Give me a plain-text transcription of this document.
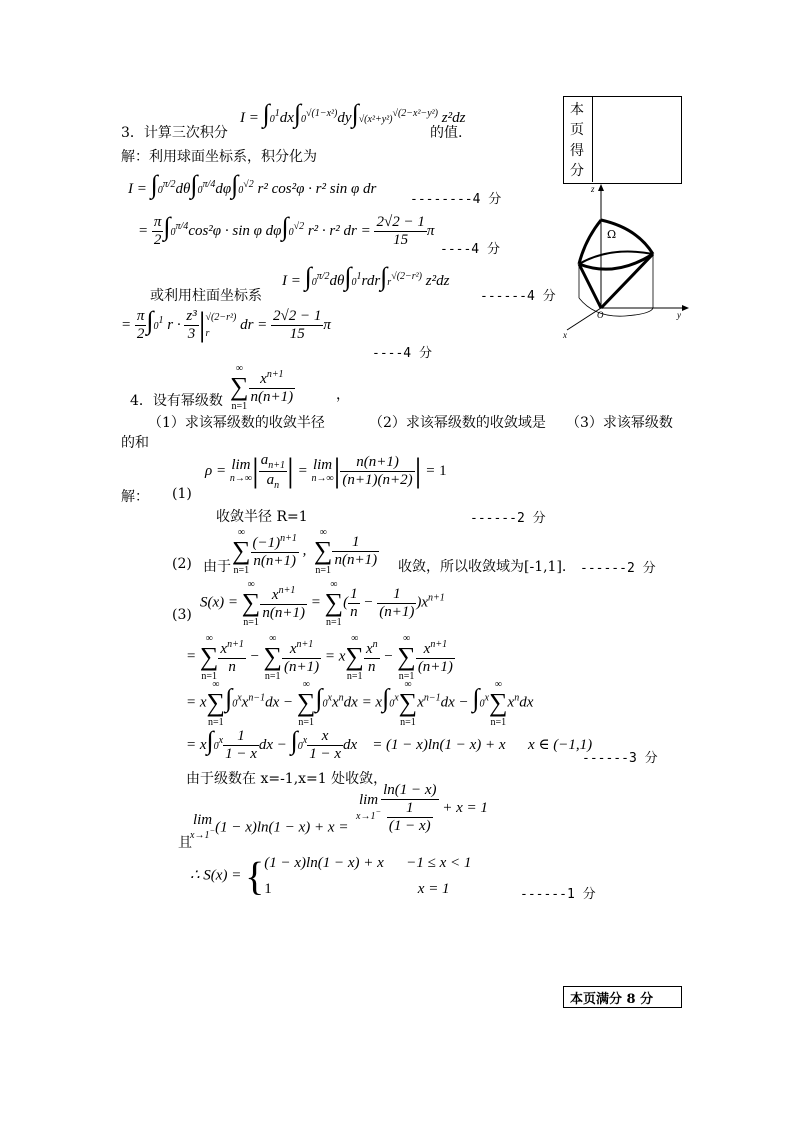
本
页
得
分
3．计算三次积分
$I = \int 0^1dx\int 0^{√(1-x^2)}dy\int√(x^2+y^2)^{√(2-x^2-y^2)}$ z²dz
的值.
解：利用球面坐标系，积分化为
$I = \int 0^{\pi/2}d\theta\int 0^{\pi/4}d\varphi\int 0^{√2}$ r² cos²φ · r² sin φ dr
--------4 分
= $\frac{\pi}{2} \int 0^{\pi/4}\cos^2\varphi \cdot \sin \varphi$ $d\varphi\int 0^{√2}$ r² · r² dr = $\frac{2√2 - 1}{15}$ π
----4 分
或利用柱面坐标系
$I = \int 0^{\pi/2}d\theta\int 0^1rdr\int r^{√(2-r^2)}$ z²dz
------4 分
= $\frac{\pi}{2} \int 0^1$ $r \cdot \frac{\text{z³}}{3} |√(2-r^2)$
r dr = $\frac{2√2 - 1}{15}$ π
----4 分
z
Ω
O
x
y
∞
∑
n=1
$\frac{x^{n+1}}{n(n+1)}$
4．设有幂级数	，
（1）求该幂级数的收敛半径	（2）求该幂级数的收敛域是 （3）求该幂级数
的和
解： (1)
ρ = lim
$n\to\infty| \frac{a_{n+1}}{a_n}$ | = lim
$n\to\infty| \frac{n(n+1)}{(n+1)(n+2)}$ | = 1
收敛半径 R=1	------2 分
(2) 由于
∞
∑
n=1
$\frac{(-1)^{n+1}}{n(n+1)}$ ,  ∞
∑
n=1
$\frac{1}{n(n+1)}$ 收敛，所以收敛域为[-1,1]. ------2 分
(3)
S(x) = ∞
∑
n=1
$\frac{x^{n+1}}{n(n+1)}$ = ∞
∑
$n=1( \frac{1}{n} - \frac{1}{(n+1)} )x^{n+1}$
= ∞
∑
n=1
$\frac{x^{n+1}}{n}$ − ∞
∑
n=1
$\frac{x^{n+1}}{(n+1)} = x\infty$
∑
n=1
$\frac{x^n}{n}$ − ∞
∑
n=1
$\frac{x^{n+1}}{(n+1)}$
= x∞
∑
$n=1\int 0^xx^{n-1}dx$ − ∞
∑
$n=1\int 0^xx^ndx = x\int 0^x\infty$
∑
$n=1x^{n-1}dx - \int 0^x\infty$
∑
$n=1x^ndx$
= $x\int 0^x \frac{1}{1 - x}$ dx − $\int 0^x \frac{x}{1 - x}$ dx    = (1 − x)ln(1 − x) + x      x ∈ (−1,1)
------3 分
由于级数在 x=-1,x=1 处收敛，
lim
$x\to 1^- \frac{\ln(1 - x)}{\frac{1}{(1 - x)}} + x = 1$
lim
x→1−(1 − x)ln(1 − x) + x =
且
∴ S(x) = {(1 − x)ln(1 − x) + x      −1 ≤ x < 1
1	x = 1	------1 分
本页满分 8 分
